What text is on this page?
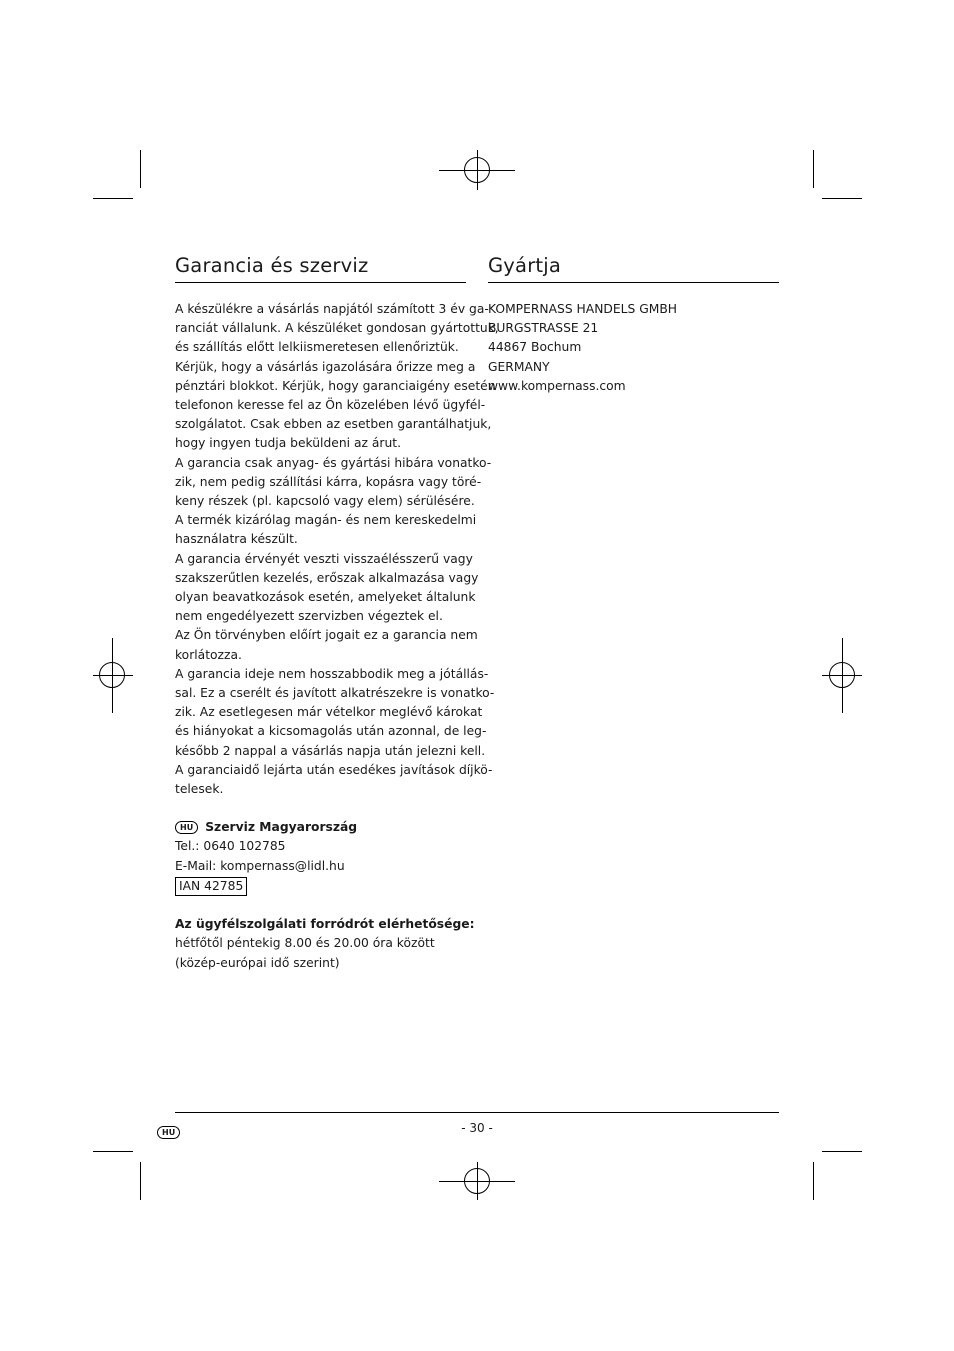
Garancia és szerviz
A készülékre a vásárlás napjától számított 3 év ga-
ranciát vállalunk. A készüléket gondosan gyártottuk,
és szállítás előtt lelkiismeretesen ellenőriztük.
Kérjük, hogy a vásárlás igazolására őrizze meg a
pénztári blokkot. Kérjük, hogy garanciaigény esetén
telefonon keresse fel az Ön közelében lévő ügyfél-
szolgálatot. Csak ebben az esetben garantálhatjuk,
hogy ingyen tudja beküldeni az árut.
A garancia csak anyag- és gyártási hibára vonatko-
zik, nem pedig szállítási kárra, kopásra vagy töré-
keny részek (pl. kapcsoló vagy elem) sérülésére.
A termék kizárólag magán- és nem kereskedelmi
használatra készült.
A garancia érvényét veszti visszaélésszerű vagy
szakszerűtlen kezelés, erőszak alkalmazása vagy
olyan beavatkozások esetén, amelyeket általunk
nem engedélyezett szervizben végeztek el.
Az Ön törvényben előírt jogait ez a garancia nem
korlátozza.
A garancia ideje nem hosszabbodik meg a jótállás-
sal. Ez a cserélt és javított alkatrészekre is vonatko-
zik. Az esetlegesen már vételkor meglévő károkat
és hiányokat a kicsomagolás után azonnal, de leg-
később 2 nappal a vásárlás napja után jelezni kell.
A garanciaidő lejárta után esedékes javítások díjkö-
telesek.
HU Szerviz Magyarország
Tel.: 0640 102785
E-Mail: kompernass@lidl.hu
IAN 42785
Az ügyfélszolgálati forródrót elérhetősége:
hétfőtől péntekig 8.00 és 20.00 óra között
(közép-európai idő szerint)
Gyártja
KOMPERNASS HANDELS GMBH
BURGSTRASSE 21
44867 Bochum
GERMANY
www.kompernass.com
HU	- 30 -
